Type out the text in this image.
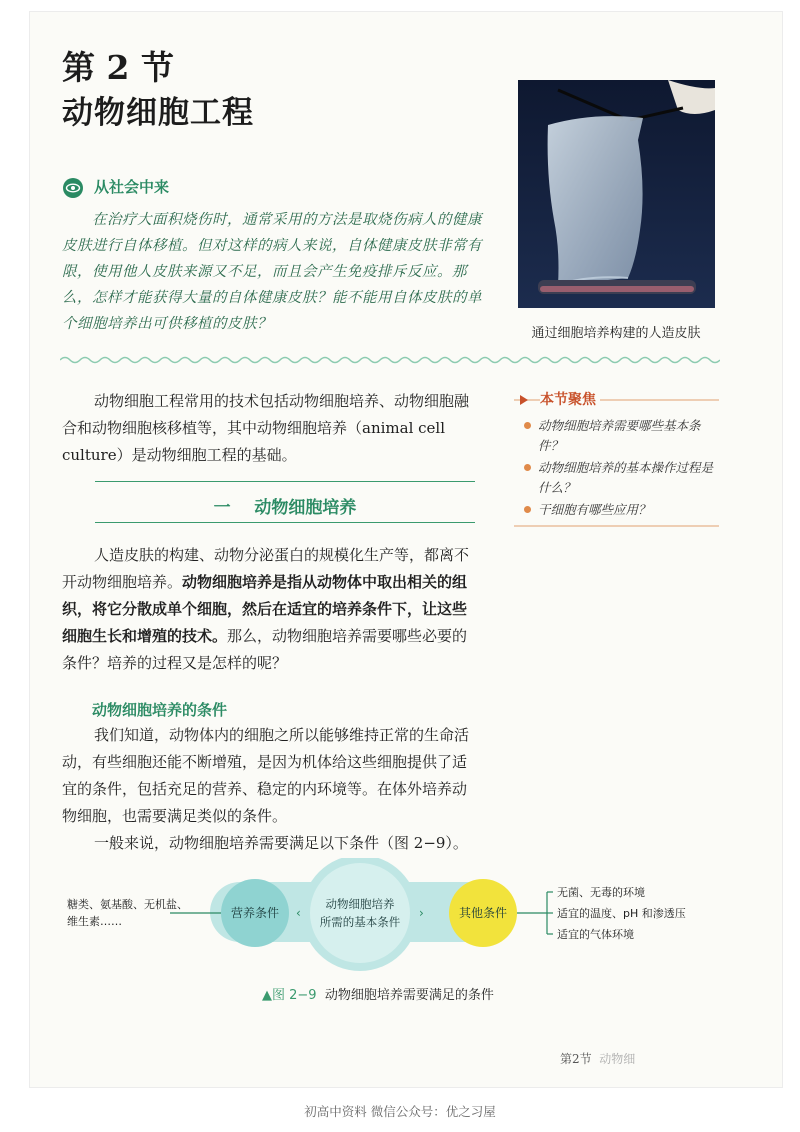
第 2 节
动物细胞工程
通过细胞培养构建的人造皮肤
从社会中来
在治疗大面积烧伤时，通常采用的方法是取烧伤病人的健康皮肤进行自体移植。但对这样的病人来说，自体健康皮肤非常有限，使用他人皮肤来源又不足，而且会产生免疫排斥反应。那么，怎样才能获得大量的自体健康皮肤？能不能用自体皮肤的单个细胞培养出可供移植的皮肤？
动物细胞工程常用的技术包括动物细胞培养、动物细胞融合和动物细胞核移植等，其中动物细胞培养（animal cell culture）是动物细胞工程的基础。
本节聚焦
动物细胞培养需要哪些基本条件？
动物细胞培养的基本操作过程是什么？
干细胞有哪些应用？
一 动物细胞培养
人造皮肤的构建、动物分泌蛋白的规模化生产等，都离不开动物细胞培养。动物细胞培养是指从动物体中取出相关的组织，将它分散成单个细胞，然后在适宜的培养条件下，让这些细胞生长和增殖的技术。那么，动物细胞培养需要哪些必要的条件？培养的过程又是怎样的呢？
动物细胞培养的条件
我们知道，动物体内的细胞之所以能够维持正常的生命活动，有些细胞还能不断增殖，是因为机体给这些细胞提供了适宜的条件，包括充足的营养、稳定的内环境等。在体外培养动物细胞，也需要满足类似的条件。
一般来说，动物细胞培养需要满足以下条件（图 2−9）。
‹	›
糖类、氨基酸、无机盐、
维生素……
营养条件
动物细胞培养
所需的基本条件
其他条件
无菌、无毒的环境
适宜的温度、pH 和渗透压
适宜的气体环境
▲图 2−9 动物细胞培养需要满足的条件
第2节 动物细
初高中资料 微信公众号：优之习屋
